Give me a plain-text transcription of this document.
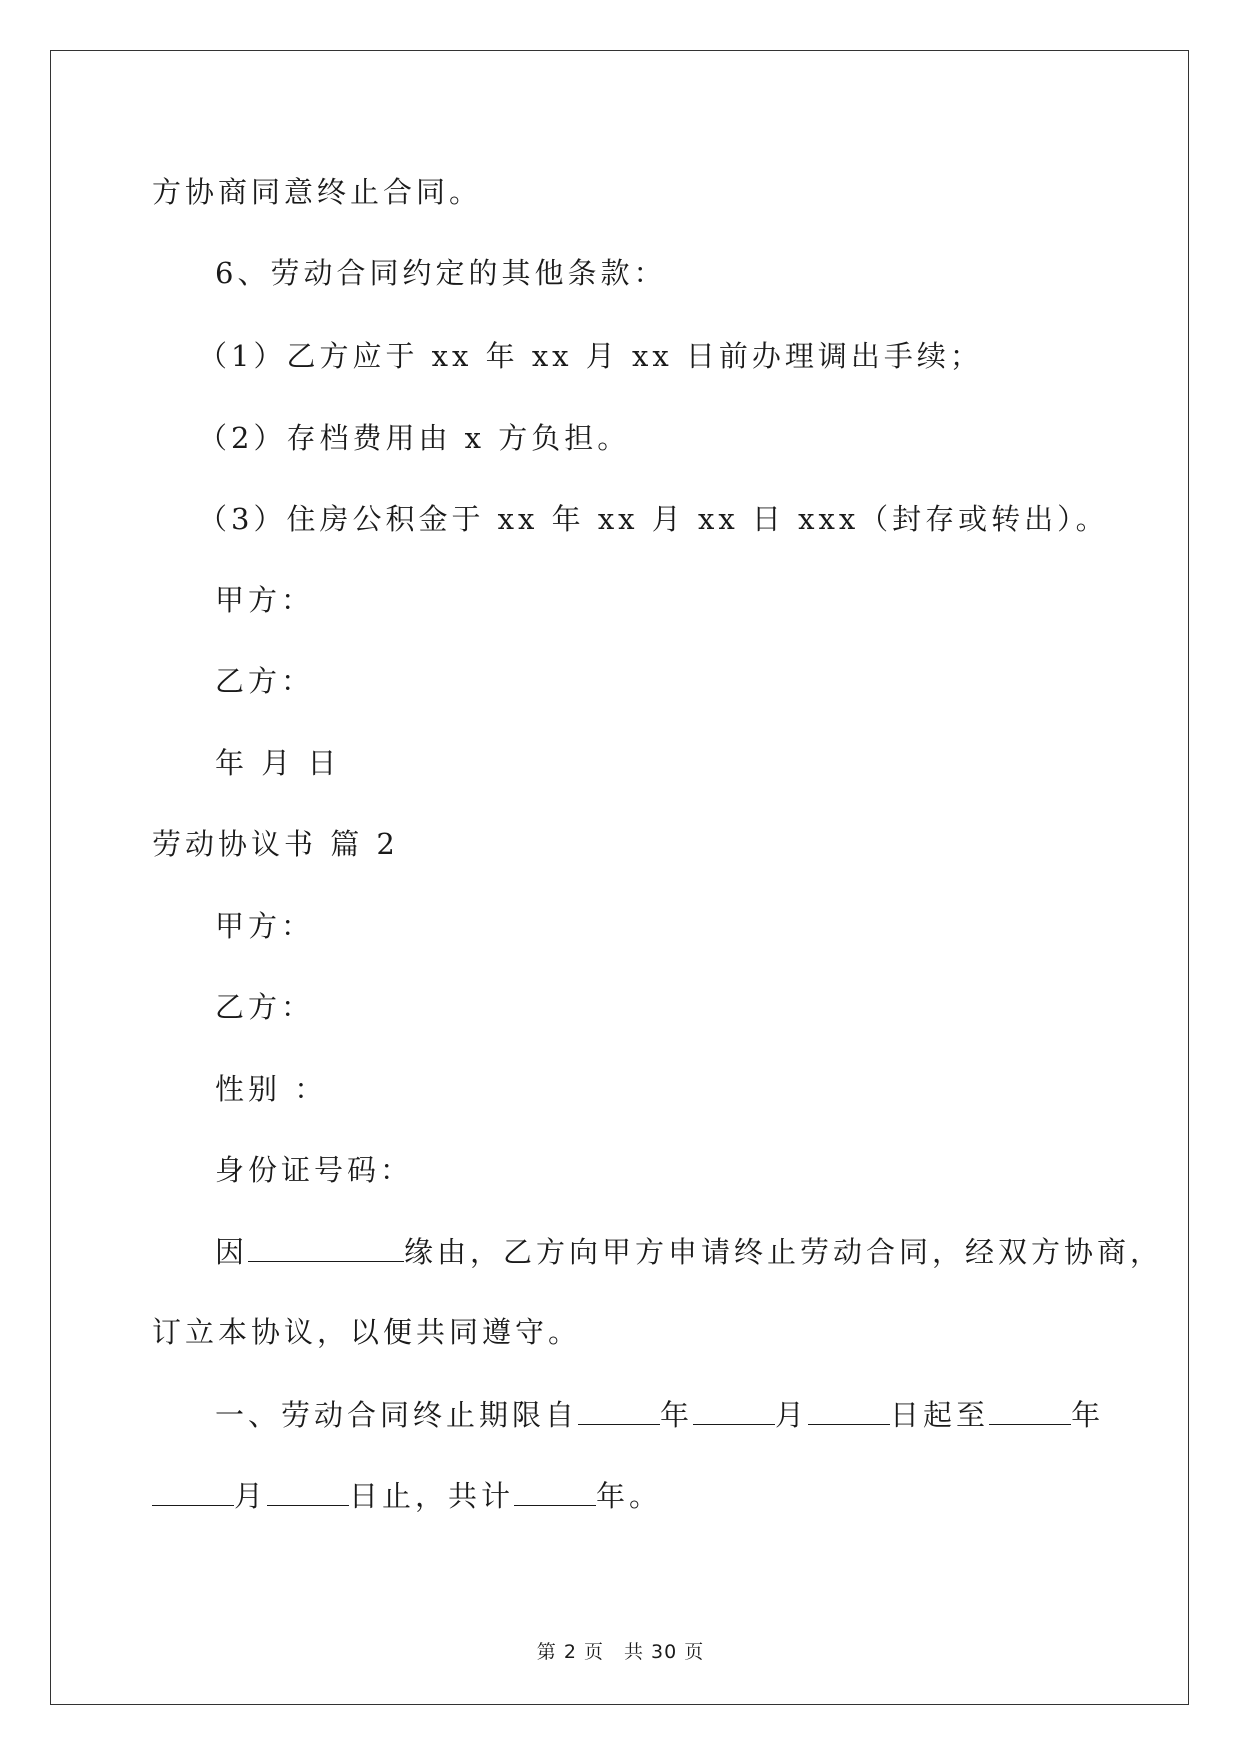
方协商同意终止合同。
6、劳动合同约定的其他条款：
（1）乙方应于 xx 年 xx 月 xx 日前办理调出手续；
（2）存档费用由 x 方负担。
（3）住房公积金于 xx 年 xx 月 xx 日 xxx（封存或转出）。
甲方：
乙方：
年 月 日
劳动协议书 篇 2
甲方：
乙方：
性别 ：
身份证号码：
因	缘由，乙方向甲方申请终止劳动合同，经双方协商，
订立本协议，以便共同遵守。
一、劳动合同终止期限自	年	月	日起至	年
月	日止，共计	年。
第 2 页 共 30 页
